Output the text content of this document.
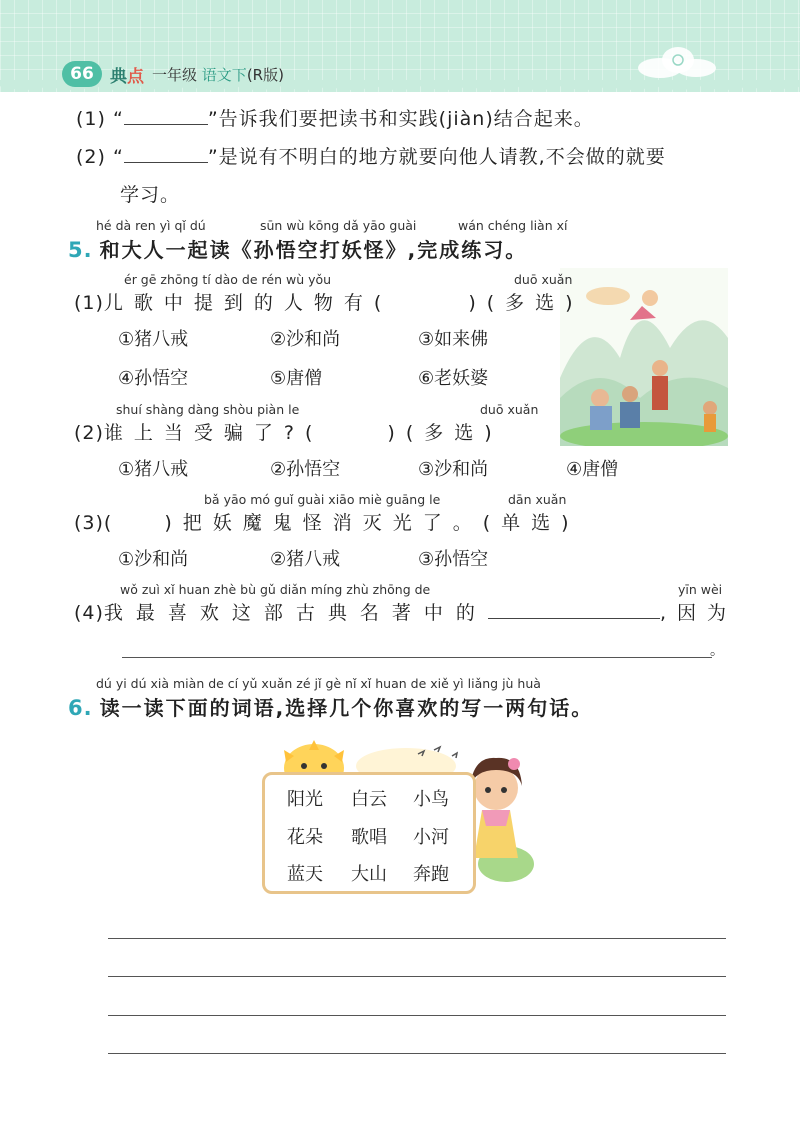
66 典点 一年级 语文下(R版)
(1) “	”告诉我们要把读书和实践(jiàn)结合起来。
(2) “	”是说有不明白的地方就要向他人请教,不会做的就要
学习。
hé dà ren yì qǐ dú	sūn wù kōng dǎ yāo guài	wán chéng liàn xí
5. 和大人一起读《孙悟空打妖怪》,完成练习。
ér gē zhōng tí dào de rén wù yǒu	duō xuǎn
(1)儿歌中提到的人物有(	)(多选)
①猪八戒	②沙和尚	③如来佛
④孙悟空	⑤唐僧	⑥老妖婆
shuí shàng dàng shòu piàn le	duō xuǎn
(2)谁上当受骗了?(	)(多选)
①猪八戒	②孙悟空	③沙和尚	④唐僧
bǎ yāo mó guǐ guài xiāo miè guāng le	dān xuǎn
(3)(	)把妖魔鬼怪消灭光了。(单选)
①沙和尚	②猪八戒	③孙悟空
wǒ zuì xǐ huan zhè bù gǔ diǎn míng zhù zhōng de	yīn wèi
(4)我最喜欢这部古典名著中的	,因为
。
dú yi dú xià miàn de cí yǔ xuǎn zé jǐ gè nǐ xǐ huan de xiě yì liǎng jù huà
6. 读一读下面的词语,选择几个你喜欢的写一两句话。
阳光 白云 小鸟
花朵 歌唱 小河
蓝天 大山 奔跑
